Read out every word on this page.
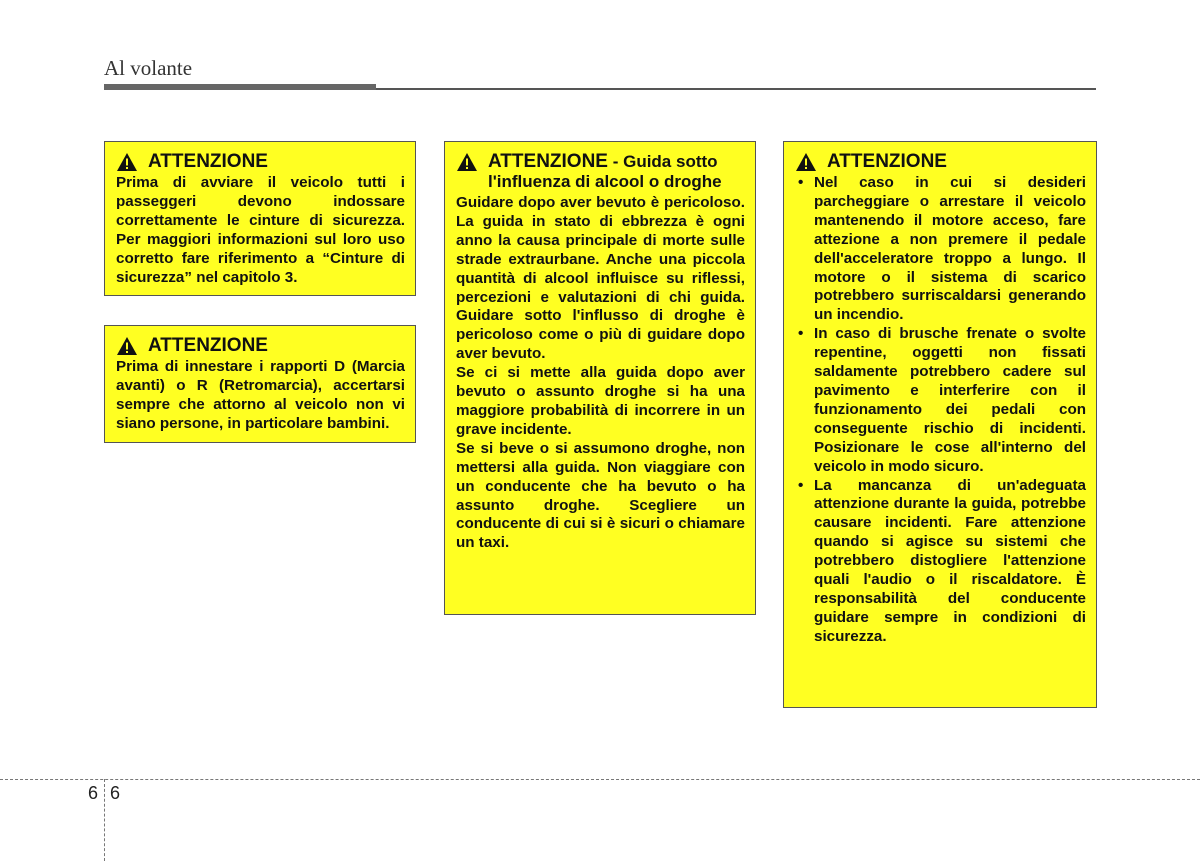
Al volante
ATTENZIONE
Prima di avviare il veicolo tutti i passeggeri devono indossare correttamente le cinture di sicurezza. Per maggiori informazioni sul loro uso corretto fare riferimento a “Cinture di sicurezza” nel capitolo 3.
ATTENZIONE
Prima di innestare i rapporti D (Marcia avanti) o R (Retromarcia), accertarsi sempre che attorno al veicolo non vi siano persone, in particolare bambini.
ATTENZIONE - Guida sotto l'influenza di alcool o droghe

Guidare dopo aver bevuto è pericoloso. La guida in stato di ebbrezza è ogni anno la causa principale di morte sulle strade extraurbane. Anche una piccola quantità di alcool influisce su riflessi, percezioni e valutazioni di chi guida. Guidare sotto l'influsso di droghe è pericoloso come o più di guidare dopo aver bevuto.

Se ci si mette alla guida dopo aver bevuto o assunto droghe si ha una maggiore probabilità di incorrere in un grave incidente.

Se si beve o si assumono droghe, non mettersi alla guida. Non viaggiare con un conducente che ha bevuto o ha assunto droghe. Scegliere un conducente di cui si è sicuri o chiamare un taxi.

ATTENZIONE
• Nel caso in cui si desideri parcheggiare o arrestare il veicolo mantenendo il motore acceso, fare attezione a non premere il pedale dell'acceleratore troppo a lungo. Il motore o il sistema di scarico potrebbero surriscaldarsi generando un incendio.
• In caso di brusche frenate o svolte repentine, oggetti non fissati saldamente potrebbero cadere sul pavimento e interferire con il funzionamento dei pedali con conseguente rischio di incidenti. Posizionare le cose all'interno del veicolo in modo sicuro.
• La mancanza di un'adeguata attenzione durante la guida, potrebbe causare incidenti. Fare attenzione quando si agisce su sistemi che potrebbero distogliere l'attenzione quali l'audio o il riscaldatore. È responsabilità del conducente guidare sempre in condizioni di sicurezza.
6 6
